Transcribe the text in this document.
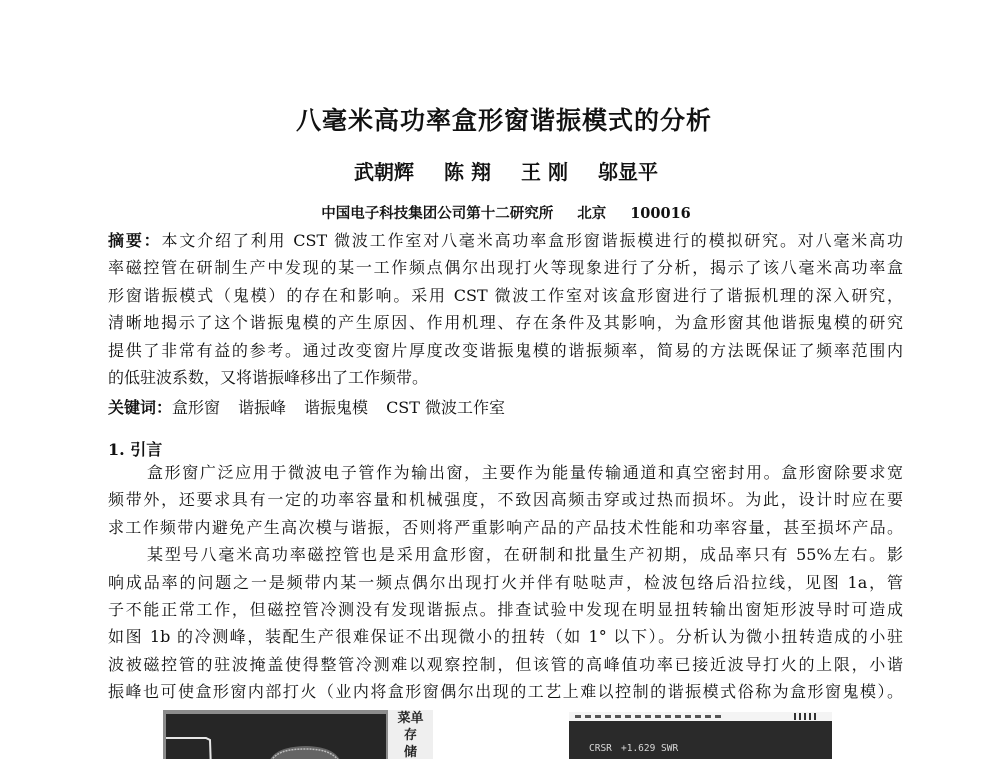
八毫米高功率盒形窗谐振模式的分析
武朝辉 陈 翔 王 刚 邬显平
中国电子科技集团公司第十二研究所 北京 100016
摘要：本文介绍了利用 CST 微波工作室对八毫米高功率盒形窗谐振模进行的模拟研究。对八毫米高功
率磁控管在研制生产中发现的某一工作频点偶尔出现打火等现象进行了分析，揭示了该八毫米高功率盒
形窗谐振模式（鬼模）的存在和影响。采用 CST 微波工作室对该盒形窗进行了谐振机理的深入研究，
清晰地揭示了这个谐振鬼模的产生原因、作用机理、存在条件及其影响，为盒形窗其他谐振鬼模的研究
提供了非常有益的参考。通过改变窗片厚度改变谐振鬼模的谐振频率，简易的方法既保证了频率范围内
的低驻波系数，又将谐振峰移出了工作频带。
关键词：盒形窗 谐振峰 谐振鬼模 CST 微波工作室
1. 引言
盒形窗广泛应用于微波电子管作为输出窗，主要作为能量传输通道和真空密封用。盒形窗除要求宽
频带外，还要求具有一定的功率容量和机械强度，不致因高频击穿或过热而损坏。为此，设计时应在要
求工作频带内避免产生高次模与谐振，否则将严重影响产品的产品技术性能和功率容量，甚至损坏产品。
某型号八毫米高功率磁控管也是采用盒形窗，在研制和批量生产初期，成品率只有 55%左右。影
响成品率的问题之一是频带内某一频点偶尔出现打火并伴有哒哒声，检波包络后沿拉线，见图 1a，管
子不能正常工作，但磁控管冷测没有发现谐振点。排查试验中发现在明显扭转输出窗矩形波导时可造成
如图 1b 的冷测峰，装配生产很难保证不出现微小的扭转（如 1° 以下）。分析认为微小扭转造成的小驻
波被磁控管的驻波掩盖使得整管冷测难以观察控制，但该管的高峰值功率已接近波导打火的上限，小谐
振峰也可使盒形窗内部打火（业内将盒形窗偶尔出现的工艺上难以控制的谐振模式俗称为盒形窗鬼模）。
菜单
存
储	CRSR +1.629 SWR
